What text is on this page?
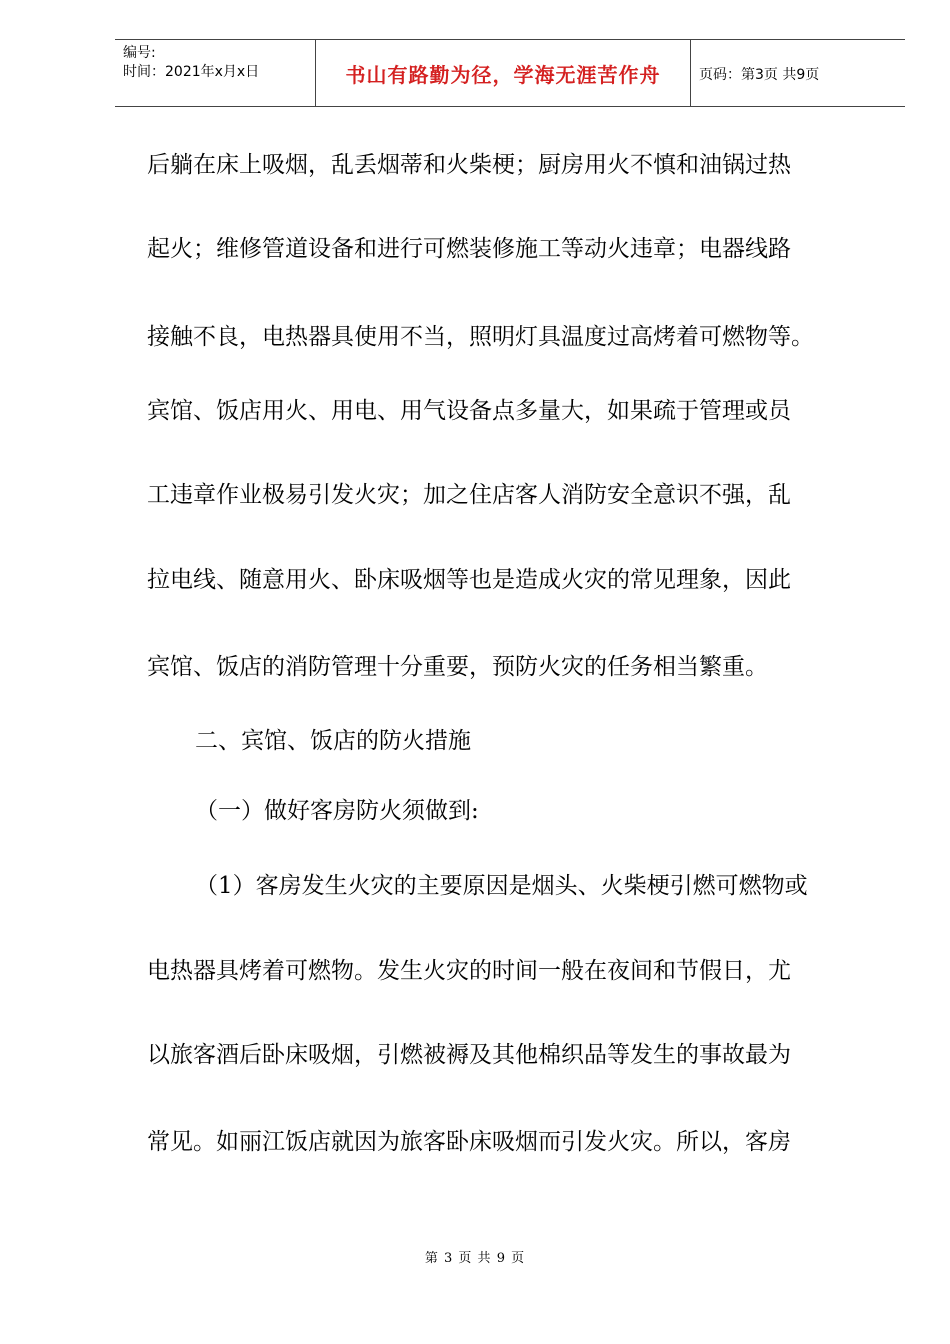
编号:
时间：2021年x月x日	书山有路勤为径，学海无涯苦作舟	页码：第3页 共9页
后躺在床上吸烟，乱丢烟蒂和火柴梗；厨房用火不慎和油锅过热
起火；维修管道设备和进行可燃装修施工等动火违章；电器线路
接触不良，电热器具使用不当，照明灯具温度过高烤着可燃物等。
宾馆、饭店用火、用电、用气设备点多量大，如果疏于管理或员
工违章作业极易引发火灾；加之住店客人消防安全意识不强，乱
拉电线、随意用火、卧床吸烟等也是造成火灾的常见理象，因此
宾馆、饭店的消防管理十分重要，预防火灾的任务相当繁重。
二、宾馆、饭店的防火措施
（一）做好客房防火须做到:
（1）客房发生火灾的主要原因是烟头、火柴梗引燃可燃物或
电热器具烤着可燃物。发生火灾的时间一般在夜间和节假日，尤
以旅客酒后卧床吸烟，引燃被褥及其他棉织品等发生的事故最为
常见。如丽江饭店就因为旅客卧床吸烟而引发火灾。所以，客房
第 3 页 共 9 页
